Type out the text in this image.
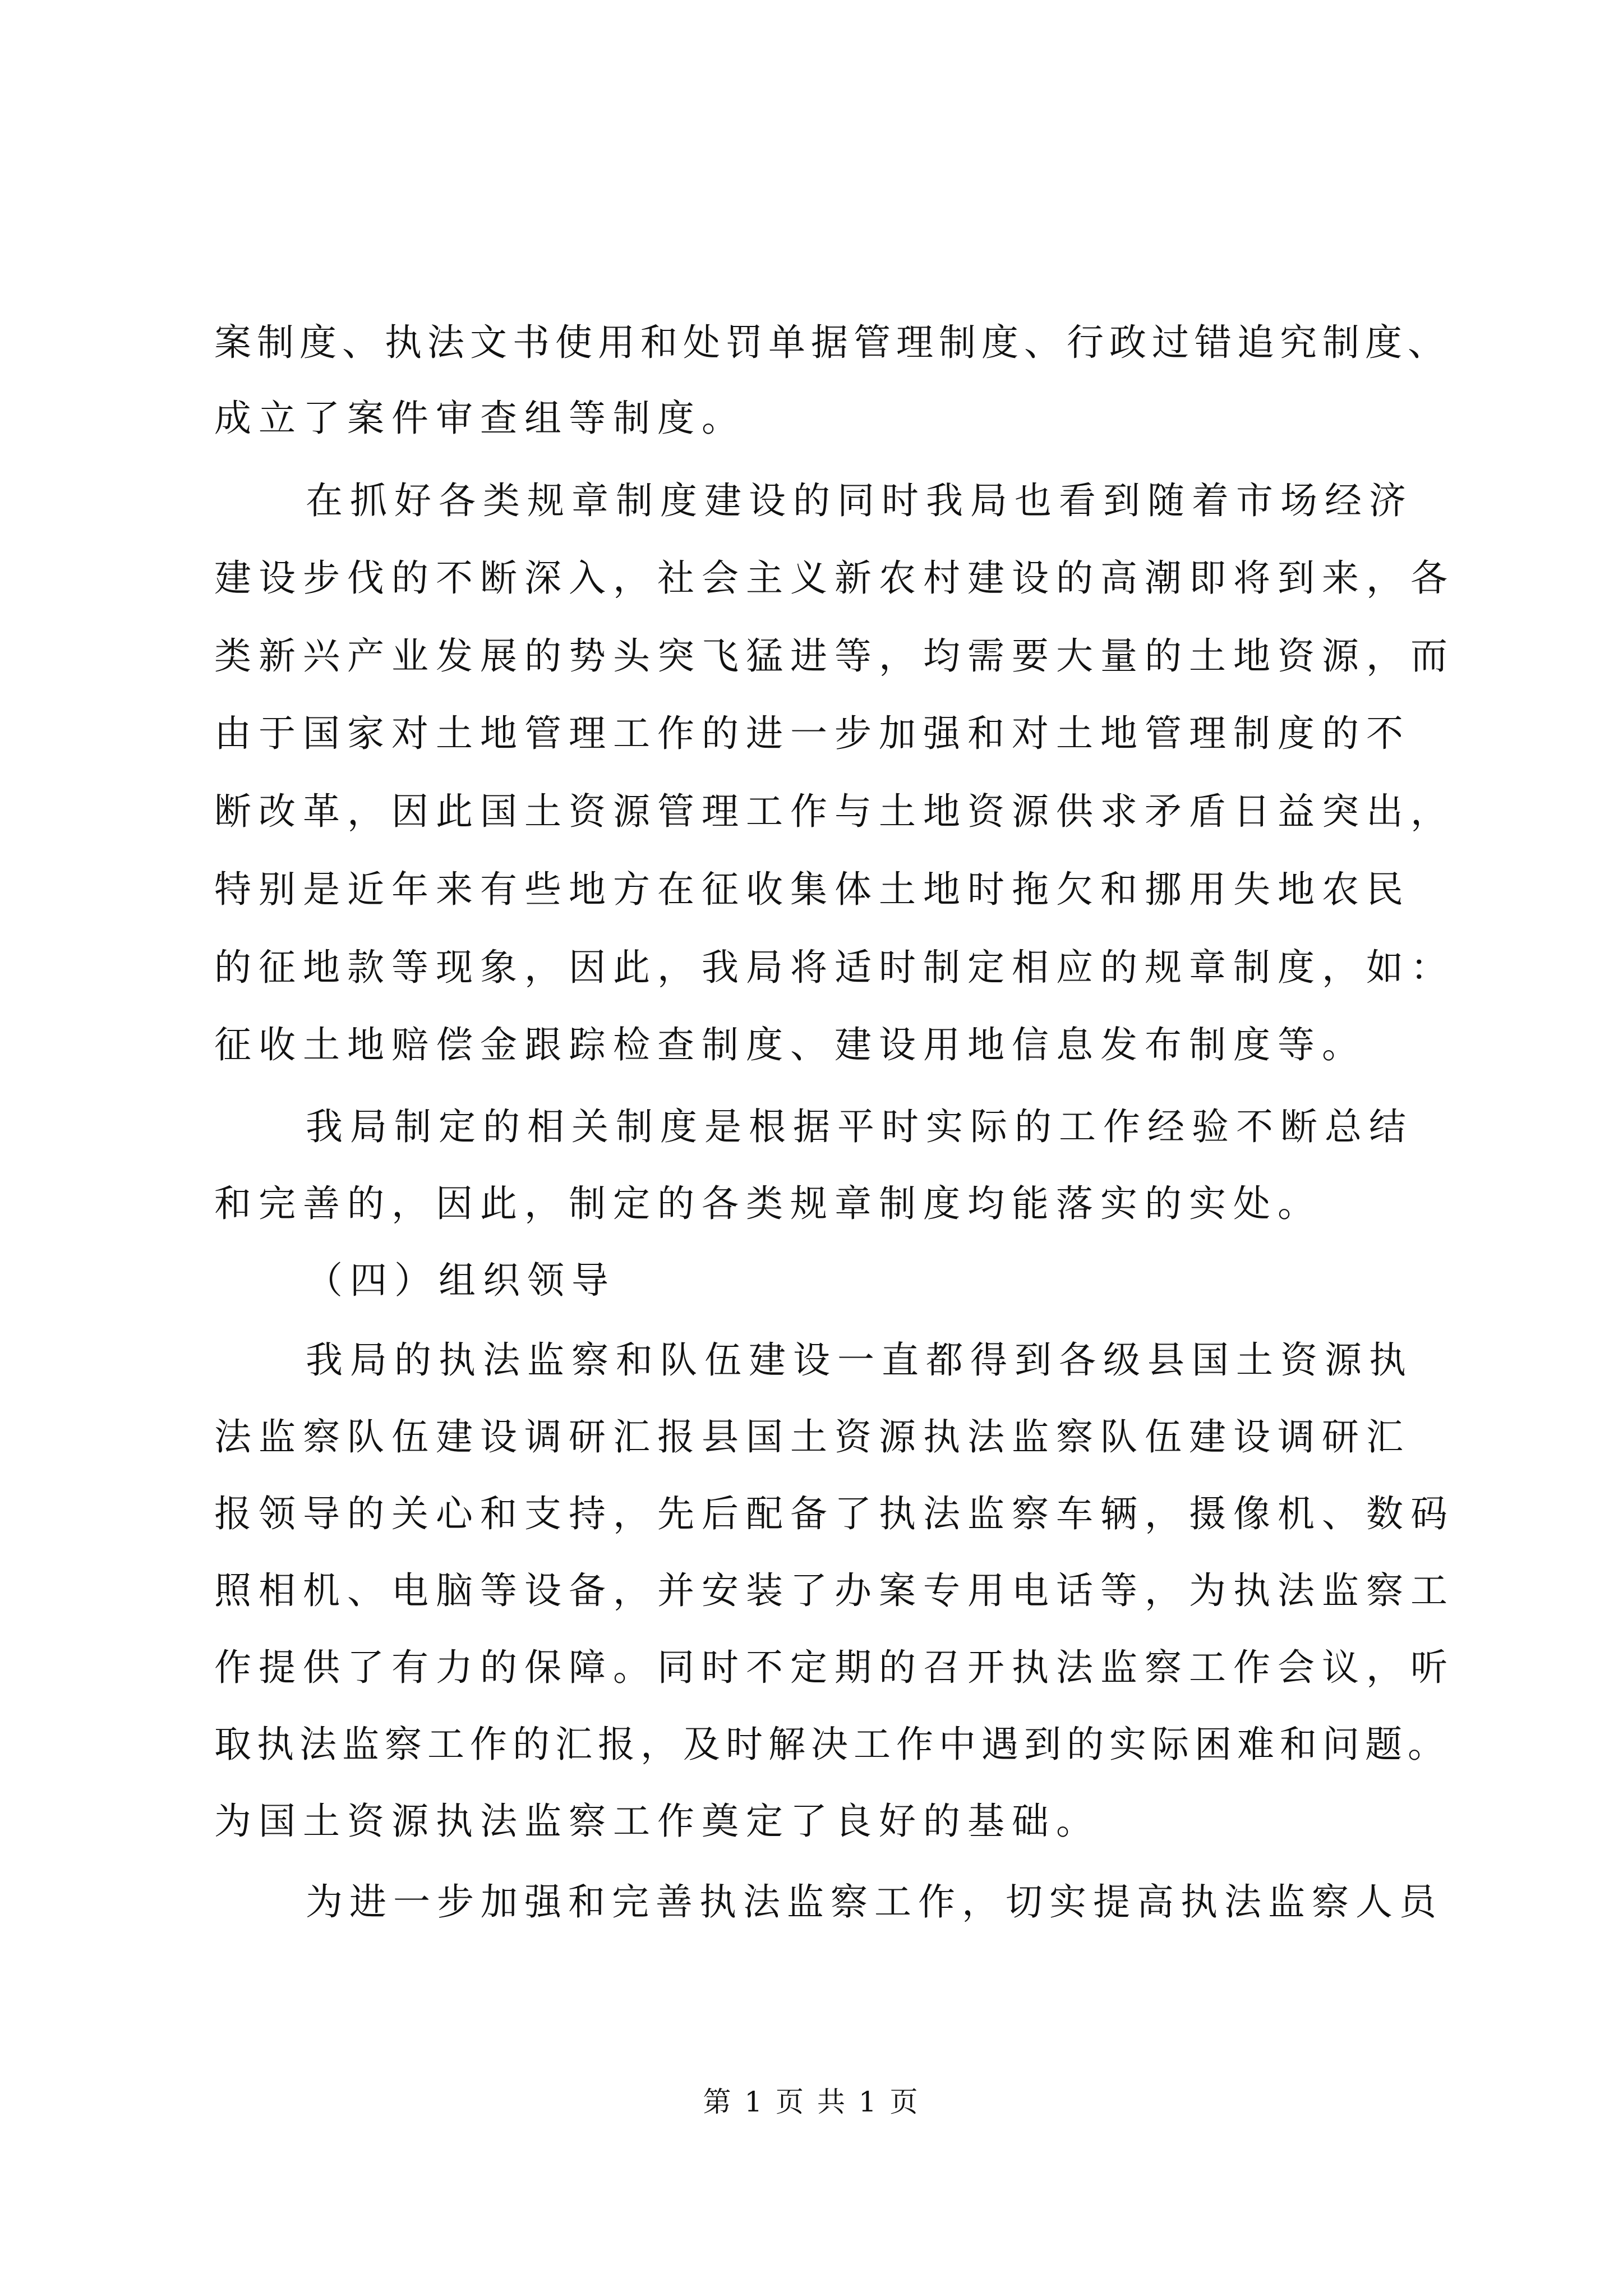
案制度、执法文书使用和处罚单据管理制度、行政过错追究制度、
成立了案件审查组等制度。
在抓好各类规章制度建设的同时我局也看到随着市场经济
建设步伐的不断深入，社会主义新农村建设的高潮即将到来，各
类新兴产业发展的势头突飞猛进等，均需要大量的土地资源，而
由于国家对土地管理工作的进一步加强和对土地管理制度的不
断改革，因此国土资源管理工作与土地资源供求矛盾日益突出，
特别是近年来有些地方在征收集体土地时拖欠和挪用失地农民
的征地款等现象，因此，我局将适时制定相应的规章制度，如：
征收土地赔偿金跟踪检查制度、建设用地信息发布制度等。
我局制定的相关制度是根据平时实际的工作经验不断总结
和完善的，因此，制定的各类规章制度均能落实的实处。
（四）组织领导
我局的执法监察和队伍建设一直都得到各级县国土资源执
法监察队伍建设调研汇报县国土资源执法监察队伍建设调研汇
报领导的关心和支持，先后配备了执法监察车辆，摄像机、数码
照相机、电脑等设备，并安装了办案专用电话等，为执法监察工
作提供了有力的保障。同时不定期的召开执法监察工作会议，听
取执法监察工作的汇报，及时解决工作中遇到的实际困难和问题。
为国土资源执法监察工作奠定了良好的基础。
为进一步加强和完善执法监察工作，切实提高执法监察人员
第 1 页 共 1 页
